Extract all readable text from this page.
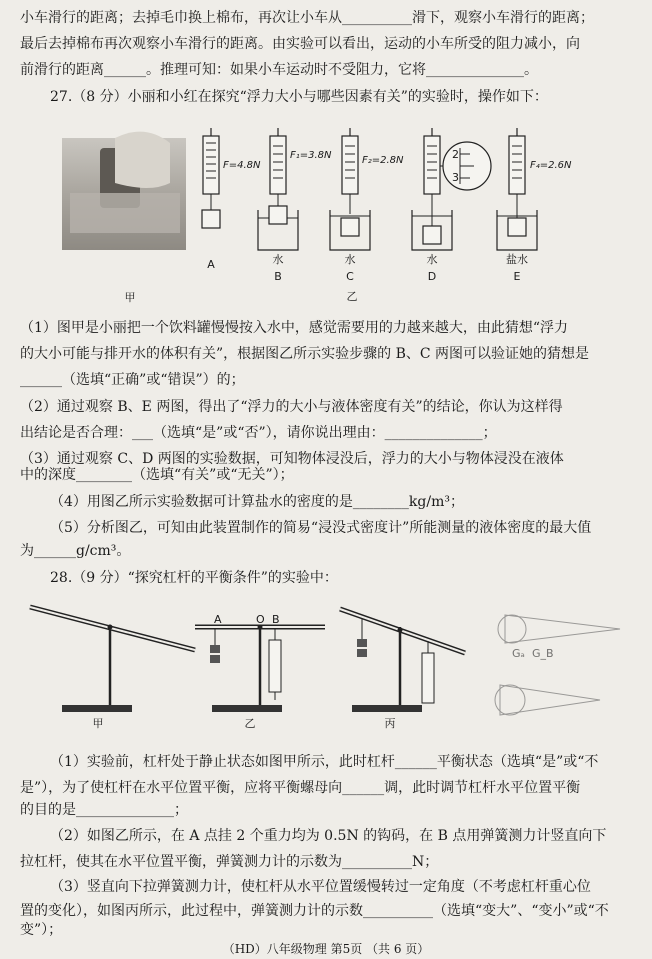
小车滑行的距离；去掉毛巾换上棉布，再次让小车从__________滑下，观察小车滑行的距离；
最后去掉棉布再次观察小车滑行的距离。由实验可以看出，运动的小车所受的阻力减小，向
前滑行的距离______。推理可知：如果小车运动时不受阻力，它将______________。
27.（8 分）小丽和小红在探究“浮力大小与哪些因素有关”的实验时，操作如下：
甲
F=4.8N
A
F₁=3.8N
水
B
F₂=2.8N
水
C
2
3
水
D
F₄=2.6N
盐水
E
乙
（1）图甲是小丽把一个饮料罐慢慢按入水中，感觉需要用的力越来越大，由此猜想“浮力
的大小可能与排开水的体积有关”，根据图乙所示实验步骤的 B、C 两图可以验证她的猜想是
______（选填“正确”或“错误”）的；
（2）通过观察 B、E 两图，得出了“浮力的大小与液体密度有关”的结论，你认为这样得
出结论是否合理：___（选填“是”或“否”），请你说出理由：______________；
（3）通过观察 C、D 两图的实验数据，可知物体浸没后，浮力的大小与物体浸没在液体
中的深度________（选填“有关”或“无关”）；
（4）用图乙所示实验数据可计算盐水的密度的是________kg/m³；
（5）分析图乙，可知由此装置制作的简易“浸没式密度计”所能测量的液体密度的最大值
为______g/cm³。
28.（9 分）“探究杠杆的平衡条件”的实验中：
甲
A	O B
乙	丙
Gₐ G_B
（1）实验前，杠杆处于静止状态如图甲所示，此时杠杆______平衡状态（选填“是”或“不
是”），为了使杠杆在水平位置平衡，应将平衡螺母向______调，此时调节杠杆水平位置平衡
的目的是______________；
（2）如图乙所示，在 A 点挂 2 个重力均为 0.5N 的钩码，在 B 点用弹簧测力计竖直向下
拉杠杆，使其在水平位置平衡，弹簧测力计的示数为__________N；
（3）竖直向下拉弹簧测力计，使杠杆从水平位置缓慢转过一定角度（不考虑杠杆重心位
置的变化），如图丙所示，此过程中，弹簧测力计的示数__________（选填“变大”、“变小”或“不
变”）；
（HD）八年级物理 第5页 （共 6 页）
